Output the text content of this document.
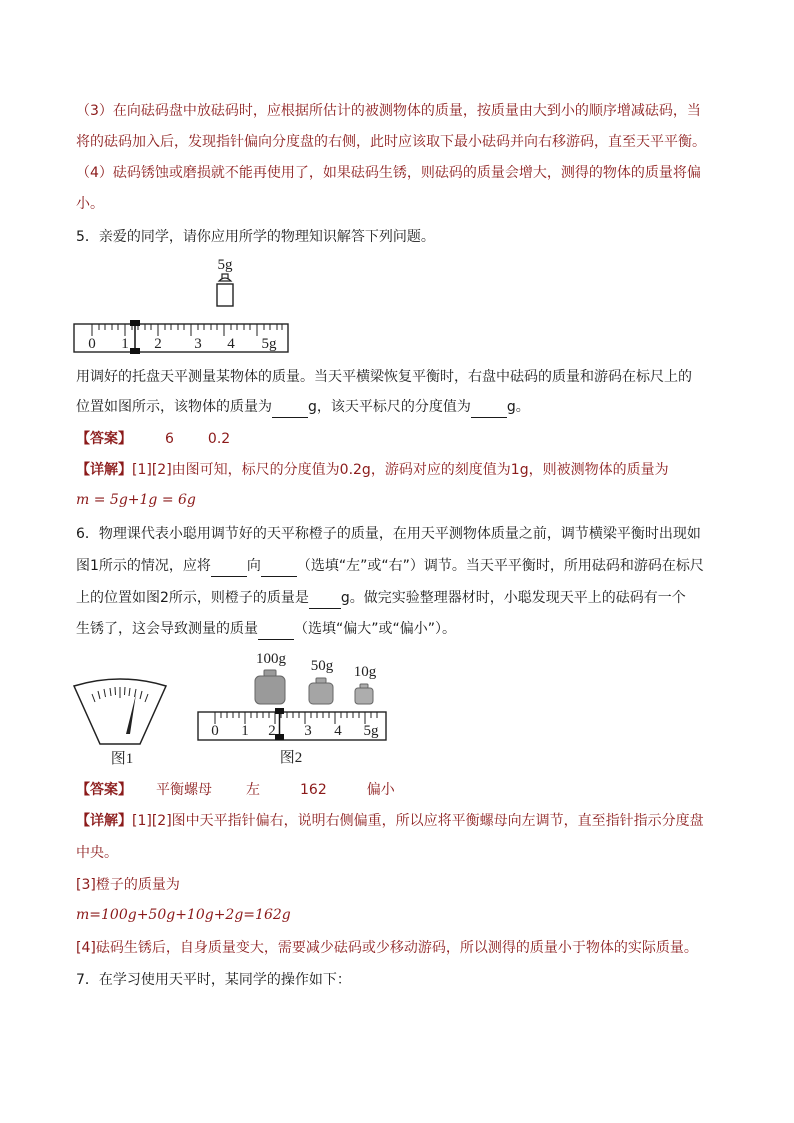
（3）在向砝码盘中放砝码时，应根据所估计的被测物体的质量，按质量由大到小的顺序增减砝码，当
将的砝码加入后，发现指针偏向分度盘的右侧，此时应该取下最小砝码并向右移游码，直至天平平衡。
（4）砝码锈蚀或磨损就不能再使用了，如果砝码生锈，则砝码的质量会增大，测得的物体的质量将偏
小。
5．亲爱的同学，请你应用所学的物理知识解答下列问题。
5g
0 1 2 3 4 5g
用调好的托盘天平测量某物体的质量。当天平横梁恢复平衡时，右盘中砝码的质量和游码在标尺上的
位置如图所示，该物体的质量为	g，该天平标尺的分度值为	g。
【答案】 6 0.2
【详解】[1][2]由图可知，标尺的分度值为0.2g，游码对应的刻度值为1g，则被测物体的质量为
m = 5g+1g = 6g
6．物理课代表小聪用调节好的天平称橙子的质量，在用天平测物体质量之前，调节横梁平衡时出现如
图1所示的情况，应将	向	（选填“左”或“右”）调节。当天平平衡时，所用砝码和游码在标尺
上的位置如图2所示，则橙子的质量是 g。做完实验整理器材时，小聪发现天平上的砝码有一个
生锈了，这会导致测量的质量	（选填“偏大”或“偏小”）。
图1
100g 50g 10g
0 1 2 3 4 5g
图2
【答案】 平衡螺母 左	162	偏小
【详解】[1][2]图中天平指针偏右，说明右侧偏重，所以应将平衡螺母向左调节，直至指针指示分度盘
中央。
[3]橙子的质量为
m=100g+50g+10g+2g=162g
[4]砝码生锈后，自身质量变大，需要减少砝码或少移动游码，所以测得的质量小于物体的实际质量。
7．在学习使用天平时，某同学的操作如下：
